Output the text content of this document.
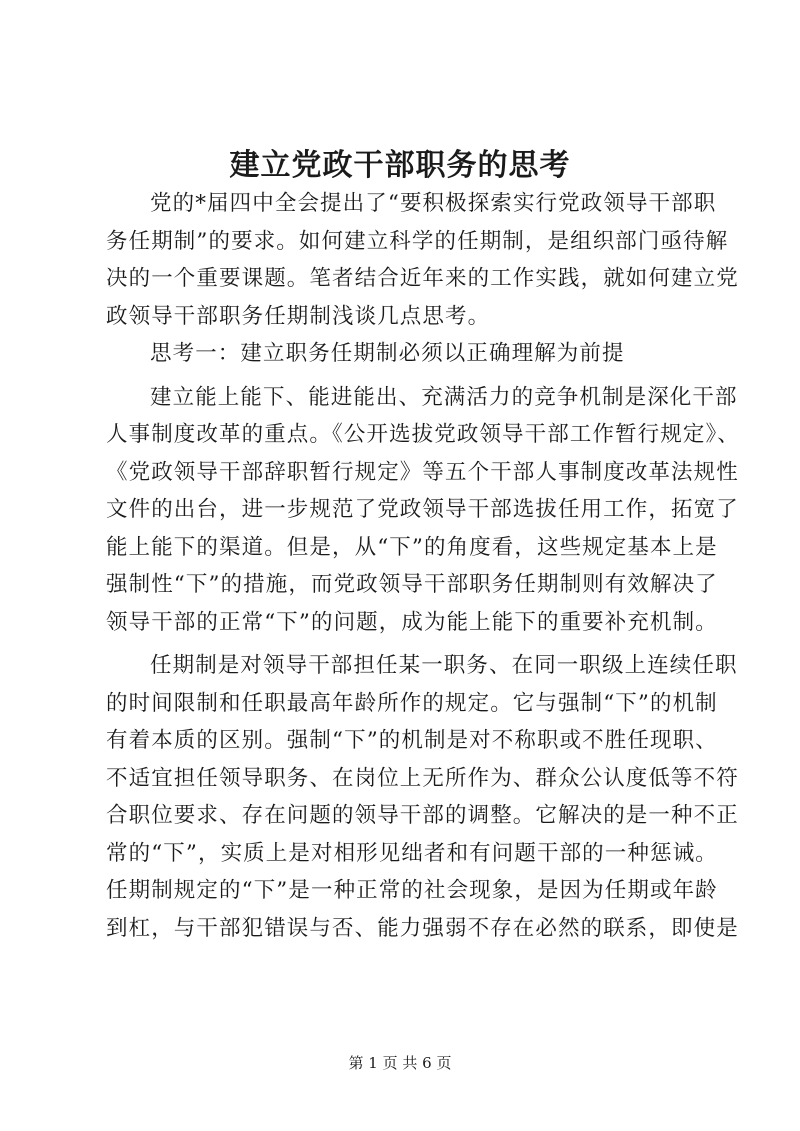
建立党政干部职务的思考
党的*届四中全会提出了“要积极探索实行党政领导干部职
务任期制”的要求。如何建立科学的任期制，是组织部门亟待解
决的一个重要课题。笔者结合近年来的工作实践，就如何建立党
政领导干部职务任期制浅谈几点思考。
思考一：建立职务任期制必须以正确理解为前提
建立能上能下、能进能出、充满活力的竞争机制是深化干部
人事制度改革的重点。《公开选拔党政领导干部工作暂行规定》、
《党政领导干部辞职暂行规定》等五个干部人事制度改革法规性
文件的出台，进一步规范了党政领导干部选拔任用工作，拓宽了
能上能下的渠道。但是，从“下”的角度看，这些规定基本上是
强制性“下”的措施，而党政领导干部职务任期制则有效解决了
领导干部的正常“下”的问题，成为能上能下的重要补充机制。
任期制是对领导干部担任某一职务、在同一职级上连续任职
的时间限制和任职最高年龄所作的规定。它与强制“下”的机制
有着本质的区别。强制“下”的机制是对不称职或不胜任现职、
不适宜担任领导职务、在岗位上无所作为、群众公认度低等不符
合职位要求、存在问题的领导干部的调整。它解决的是一种不正
常的“下”，实质上是对相形见绌者和有问题干部的一种惩诫。
任期制规定的“下”是一种正常的社会现象，是因为任期或年龄
到杠，与干部犯错误与否、能力强弱不存在必然的联系，即使是
第 1 页 共 6 页
